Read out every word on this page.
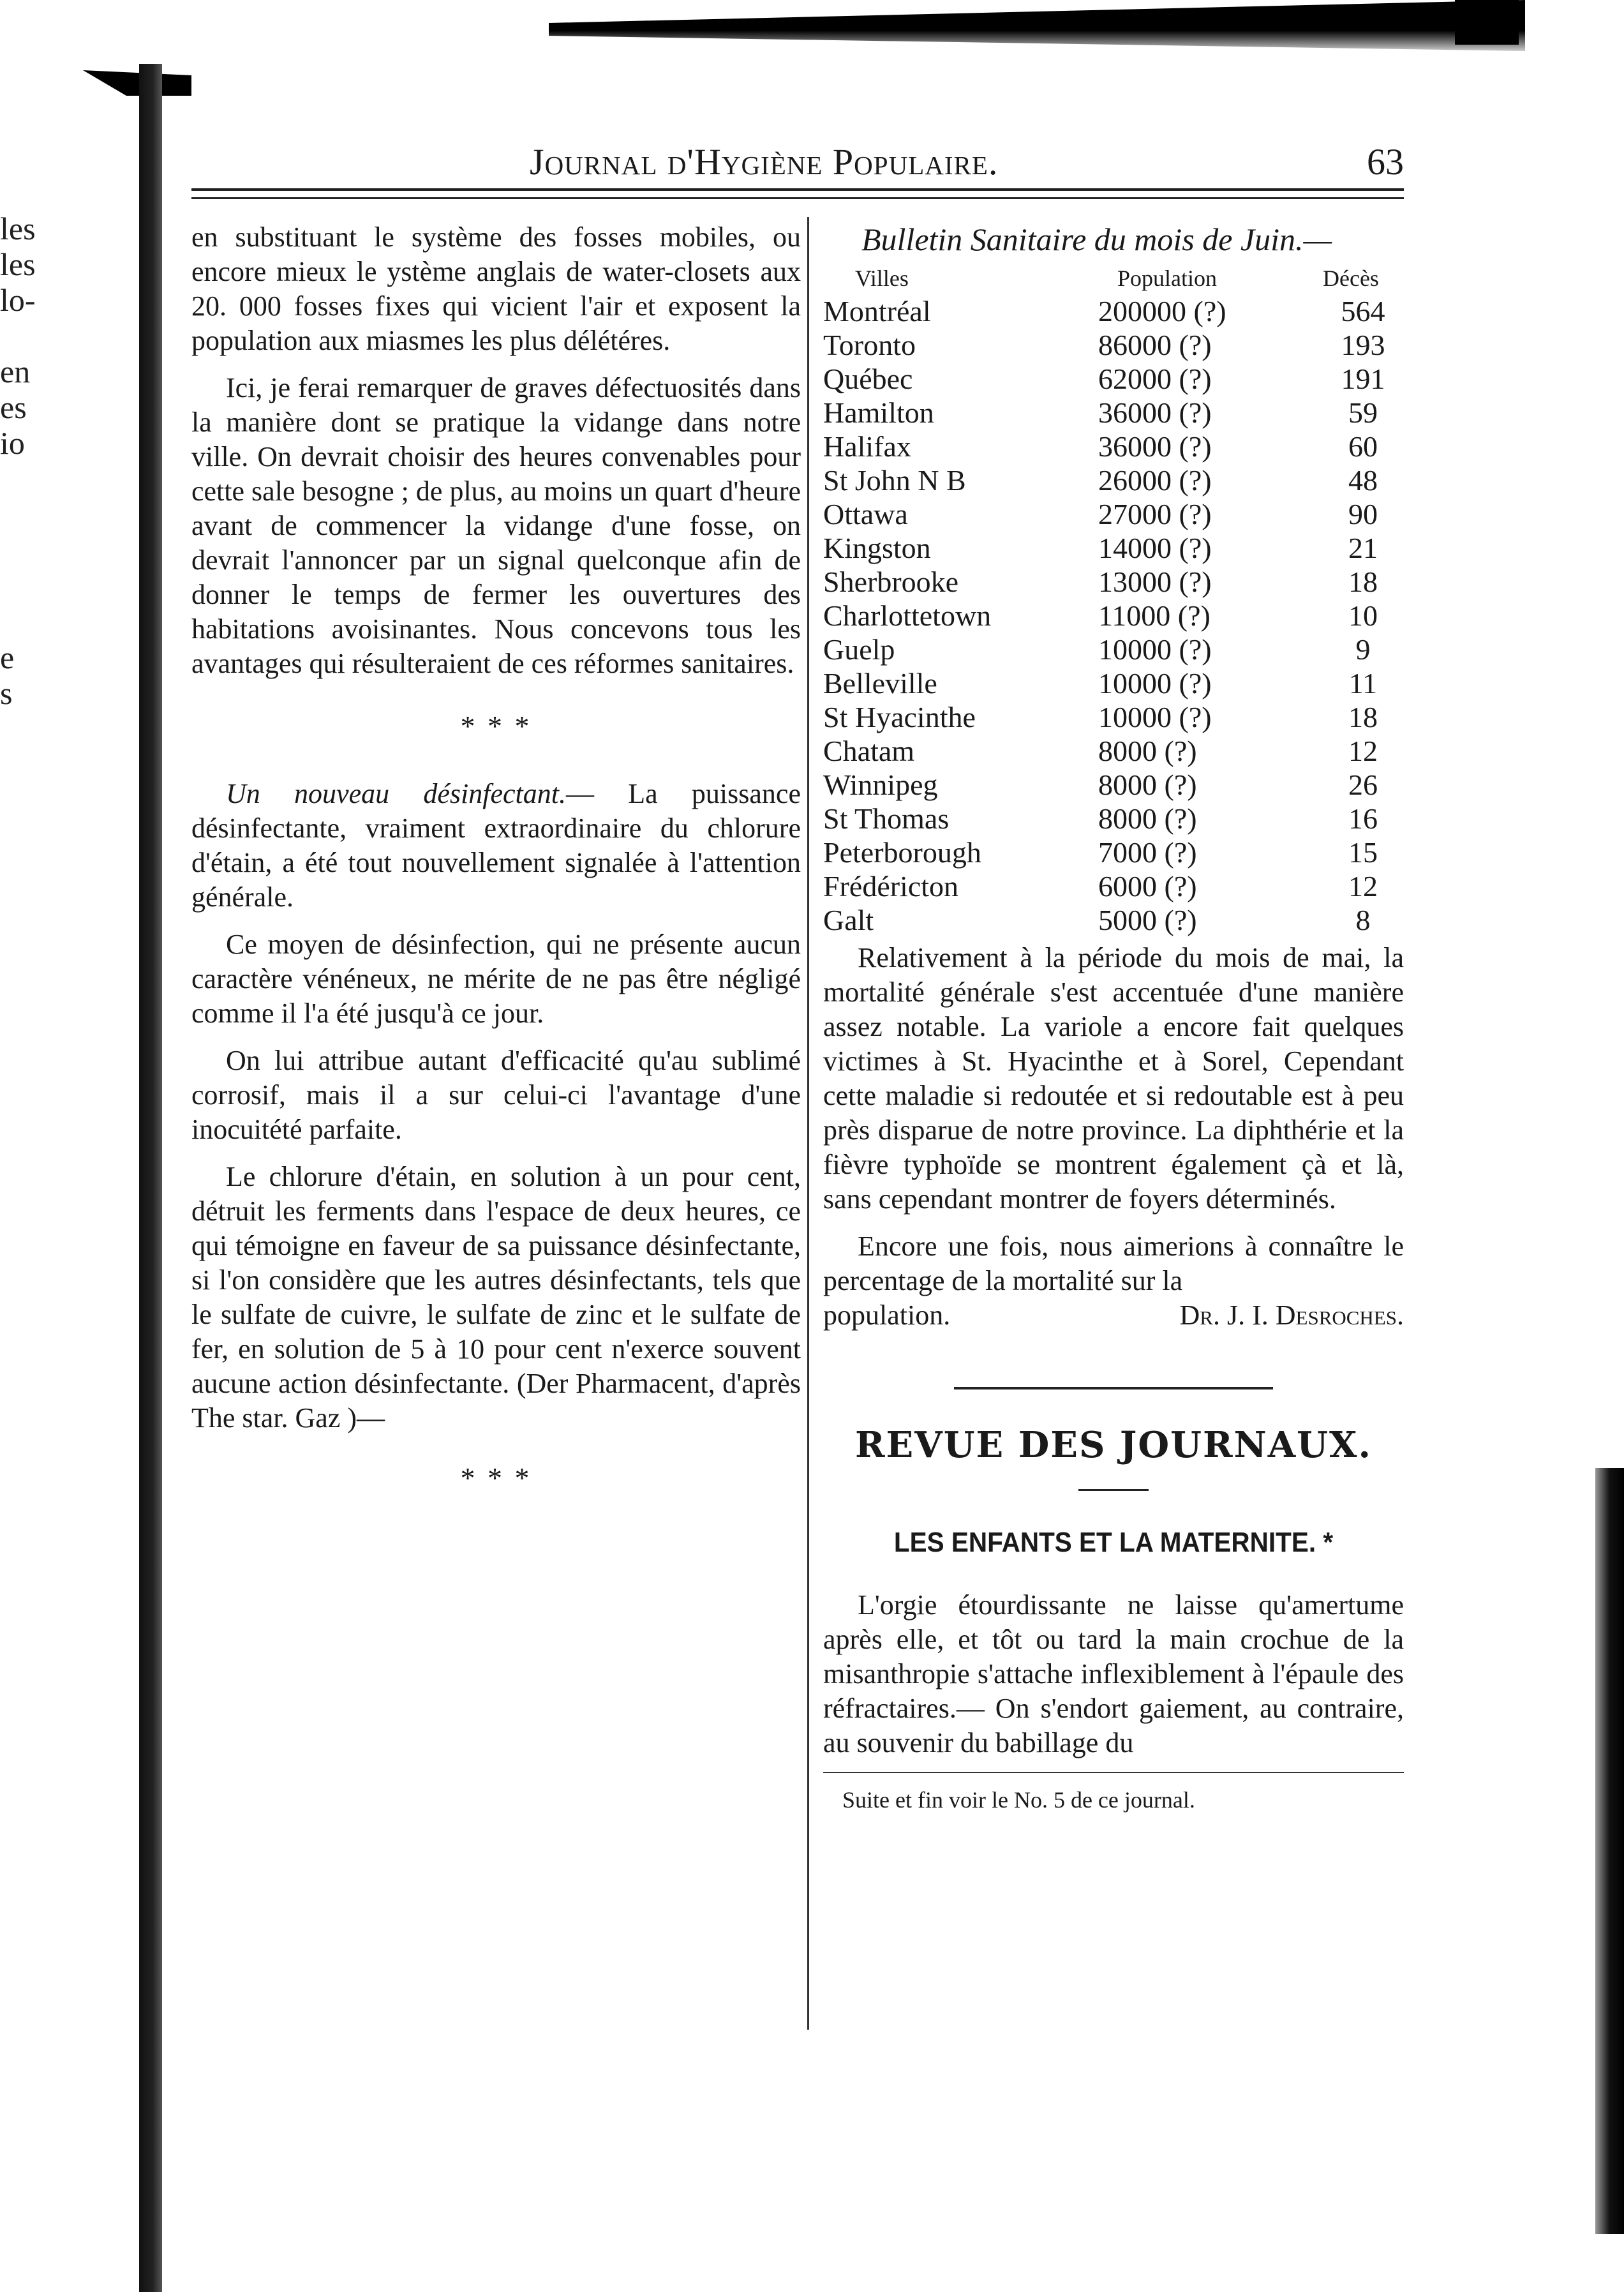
les
les
lo-
en
es
io
e
s
Journal d'Hygiène Populaire.	63

en substituant le système des fosses mobiles, ou encore mieux le ystème anglais de water-closets aux 20. 000 fosses fixes qui vicient l'air et exposent la population aux miasmes les plus délétéres.

Ici, je ferai remarquer de graves défectuosités dans la manière dont se pratique la vidange dans notre ville. On devrait choisir des heures convenables pour cette sale besogne ; de plus, au moins un quart d'heure avant de commencer la vidange d'une fosse, on devrait l'annoncer par un signal quelconque afin de donner le temps de fermer les ouvertures des habitations avoisinantes. Nous concevons tous les avantages qui résulteraient de ces réformes sanitaires.

* * *

Un nouveau désinfectant.— La puissance désinfectante, vraiment extraordinaire du chlorure d'étain, a été tout nouvellement signalée à l'attention générale.

Ce moyen de désinfection, qui ne présente aucun caractère vénéneux, ne mérite de ne pas être négligé comme il l'a été jusqu'à ce jour.

On lui attribue autant d'efficacité qu'au sublimé corrosif, mais il a sur celui-ci l'avantage d'une inocuitété parfaite.

Le chlorure d'étain, en solution à un pour cent, détruit les ferments dans l'espace de deux heures, ce qui témoigne en faveur de sa puissance désinfectante, si l'on considère que les autres désinfectants, tels que le sulfate de cuivre, le sulfate de zinc et le sulfate de fer, en solution de 5 à 10 pour cent n'exerce souvent aucune action désinfectante. (Der Pharmacent, d'après The star. Gaz )—

* * *
Bulletin Sanitaire du mois de Juin.—
Villes	Population	Décès
Montréal	200000 (?)	564
Toronto	86000 (?)	193
Québec	62000 (?)	191
Hamilton	36000 (?)	59
Halifax	36000 (?)	60
St John N B	26000 (?)	48
Ottawa	27000 (?)	90
Kingston	14000 (?)	21
Sherbrooke	13000 (?)	18
Charlottetown	11000 (?)	10
Guelp	10000 (?)	9
Belleville	10000 (?)	11
St Hyacinthe	10000 (?)	18
Chatam	8000 (?)	12
Winnipeg	8000 (?)	26
St Thomas	8000 (?)	16
Peterborough	7000 (?)	15
Frédéricton	6000 (?)	12
Galt	5000 (?)	8

Relativement à la période du mois de mai, la mortalité générale s'est accentuée d'une manière assez notable. La variole a encore fait quelques victimes à St. Hyacinthe et à Sorel, Cependant cette maladie si redoutée et si redoutable est à peu près disparue de notre province. La diphthérie et la fièvre typhoïde se montrent également çà et là, sans cependant montrer de foyers déterminés.

Encore une fois, nous aimerions à connaître le percentage de la mortalité sur la

population.	Dr. J. I. Desroches.
REVUE DES JOURNAUX.
LES ENFANTS ET LA MATERNITE. *

L'orgie étourdissante ne laisse qu'amertume après elle, et tôt ou tard la main crochue de la misanthropie s'attache inflexiblement à l'épaule des réfractaires.— On s'endort gaiement, au contraire, au souvenir du babillage du

Suite et fin voir le No. 5 de ce journal.
